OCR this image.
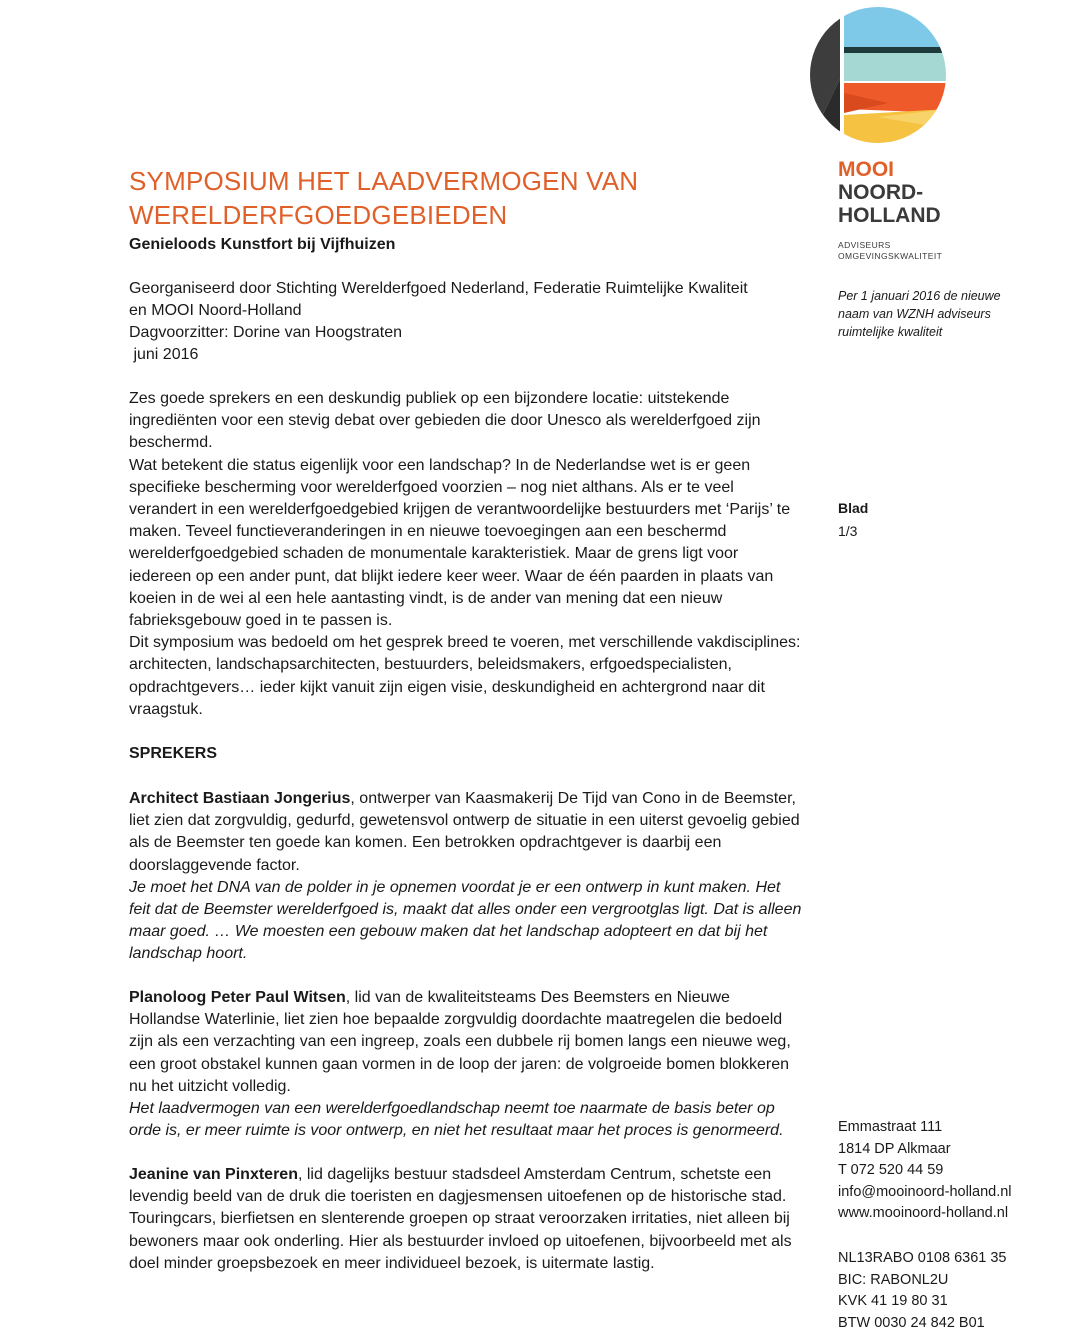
SYMPOSIUM HET LAADVERMOGEN VAN
WERELDERFGOEDGEBIEDEN
Genieloods Kunstfort bij Vijfhuizen
Georganiseerd door Stichting Werelderfgoed Nederland, Federatie Ruimtelijke Kwaliteit
en MOOI Noord-Holland
Dagvoorzitter: Dorine van Hoogstraten
juni 2016

Zes goede sprekers en een deskundig publiek op een bijzondere locatie: uitstekende ingrediënten voor een stevig debat over gebieden die door Unesco als werelderfgoed zijn beschermd.

Wat betekent die status eigenlijk voor een landschap? In de Nederlandse wet is er geen specifieke bescherming voor werelderfgoed voorzien – nog niet althans. Als er te veel verandert in een werelderfgoedgebied krijgen de verantwoordelijke bestuurders met ‘Parijs’ te maken. Teveel functieveranderingen in en nieuwe toevoegingen aan een beschermd werelderfgoedgebied schaden de monumentale karakteristiek. Maar de grens ligt voor iedereen op een ander punt, dat blijkt iedere keer weer. Waar de één paarden in plaats van koeien in de wei al een hele aantasting vindt, is de ander van mening dat een nieuw fabrieksgebouw goed in te passen is.

Dit symposium was bedoeld om het gesprek breed te voeren, met verschillende vakdisciplines: architecten, landschapsarchitecten, bestuurders, beleidsmakers, erfgoedspecialisten, opdrachtgevers… ieder kijkt vanuit zijn eigen visie, deskundigheid en achtergrond naar dit vraagstuk.

SPREKERS

Architect Bastiaan Jongerius, ontwerper van Kaasmakerij De Tijd van Cono in de Beemster, liet zien dat zorgvuldig, gedurfd, gewetensvol ontwerp de situatie in een uiterst gevoelig gebied als de Beemster ten goede kan komen. Een betrokken opdrachtgever is daarbij een doorslaggevende factor.

Je moet het DNA van de polder in je opnemen voordat je er een ontwerp in kunt maken. Het feit dat de Beemster werelderfgoed is, maakt dat alles onder een vergrootglas ligt. Dat is alleen maar goed. … We moesten een gebouw maken dat het landschap adopteert en dat bij het landschap hoort.

Planoloog Peter Paul Witsen, lid van de kwaliteitsteams Des Beemsters en Nieuwe Hollandse Waterlinie, liet zien hoe bepaalde zorgvuldig doordachte maatregelen die bedoeld zijn als een verzachting van een ingreep, zoals een dubbele rij bomen langs een nieuwe weg, een groot obstakel kunnen gaan vormen in de loop der jaren: de volgroeide bomen blokkeren nu het uitzicht volledig.

Het laadvermogen van een werelderfgoedlandschap neemt toe naarmate de basis beter op orde is, er meer ruimte is voor ontwerp, en niet het resultaat maar het proces is genormeerd.

Jeanine van Pinxteren, lid dagelijks bestuur stadsdeel Amsterdam Centrum, schetste een levendig beeld van de druk die toeristen en dagjesmensen uitoefenen op de historische stad. Touringcars, bierfietsen en slenterende groepen op straat veroorzaken irritaties, niet alleen bij bewoners maar ook onderling. Hier als bestuurder invloed op uitoefenen, bijvoorbeeld met als doel minder groepsbezoek en meer individueel bezoek, is uitermate lastig.

MOOI
NOORD-
HOLLAND
ADVISEURS
OMGEVINGSKWALITEIT
Per 1 januari 2016 de nieuwe
naam van WZNH adviseurs
ruimtelijke kwaliteit
Blad
1/3
Emmastraat 111
1814 DP Alkmaar
T 072 520 44 59
info@mooinoord-holland.nl
www.mooinoord-holland.nl
NL13RABO 0108 6361 35
BIC: RABONL2U
KVK 41 19 80 31
BTW 0030 24 842 B01
